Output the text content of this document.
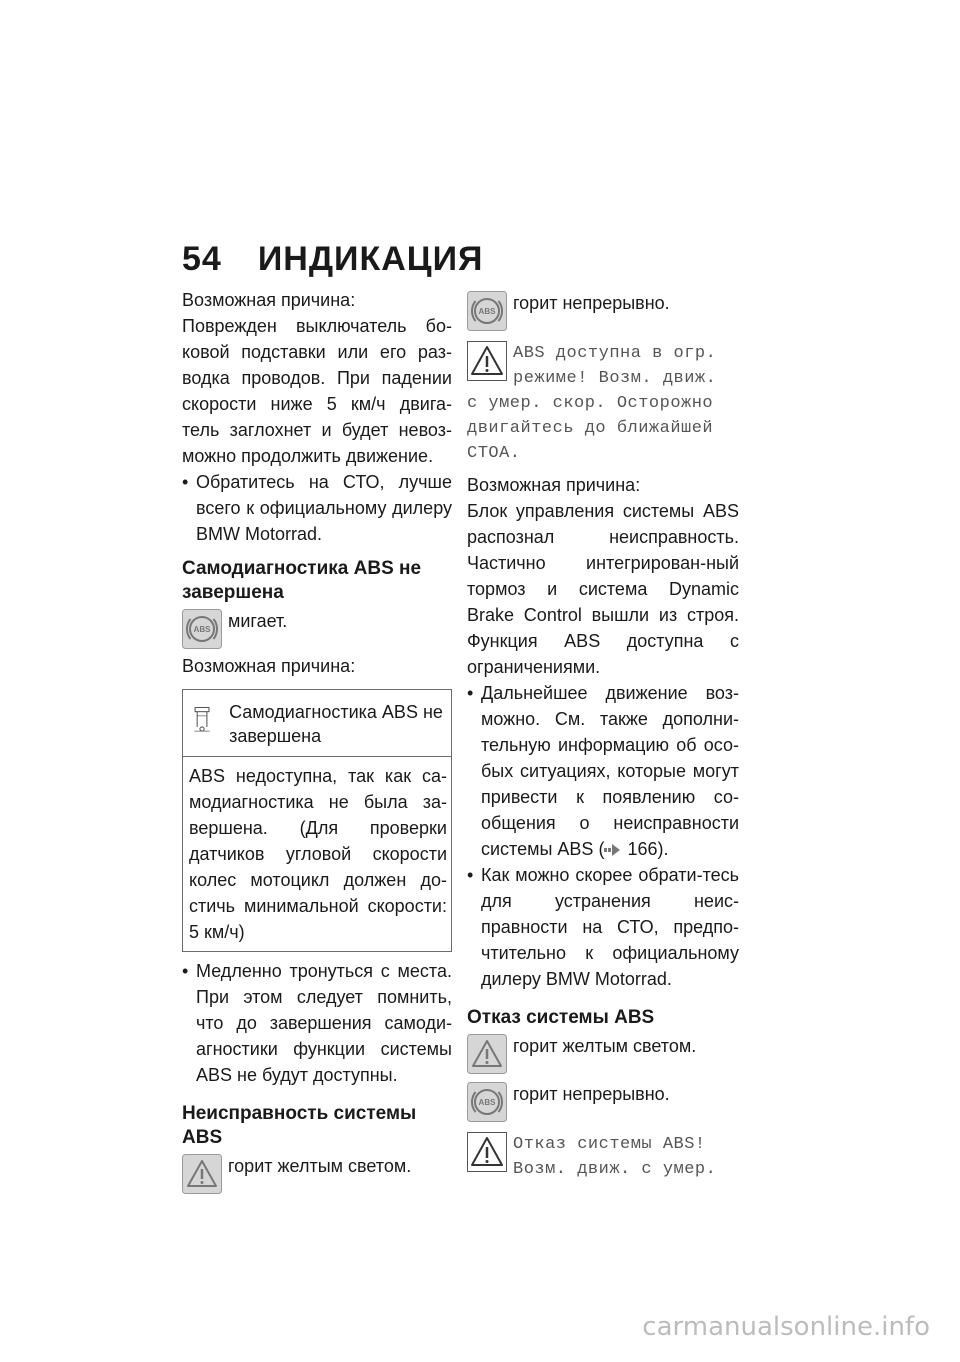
54 ИНДИКАЦИЯ

Возможная причина:

Поврежден выключатель бо-ковой подставки или его раз-водка проводов. При падении скорости ниже 5 км/ч двига-тель заглохнет и будет невоз-можно продолжить движение.

• Обратитесь на СТО, лучше всего к официальному дилеру BMW Motorrad.
Самодиагностика ABS не завершена
ABS мигает.

Возможная причина:

Самодиагностика ABS не завершена
ABS недоступна, так как са-модиагностика не была за-вершена. (Для проверки датчиков угловой скорости колес мотоцикл должен до-стичь минимальной скорости: 5 км/ч)
• Медленно тронуться с места. При этом следует помнить, что до завершения самоди-агностики функции системы ABS не будут доступны.
Неисправность системы ABS
горит желтым светом.
ABS горит непрерывно.
ABS доступна в огр.
режиме! Возм. движ.
с умер. скор. Осторожно
двигайтесь до ближайшей
СТОА.

Возможная причина:

Блок управления системы ABS распознал неисправность. Частично интегрирован-ный тормоз и система Dynamic Brake Control вышли из строя. Функция ABS доступна с ограничениями.

• Дальнейшее движение воз-можно. См. также дополни-тельную информацию об осо-бых ситуациях, которые могут привести к появлению со-общения о неисправности системы ABS ( 166).
• Как можно скорее обрати-тесь для устранения неис-правности на СТО, предпо-чтительно к официальному дилеру BMW Motorrad.
Отказ системы ABS
горит желтым светом.
ABS горит непрерывно.
Отказ системы ABS!
Возм. движ. с умер.
carmanualsonline.info
